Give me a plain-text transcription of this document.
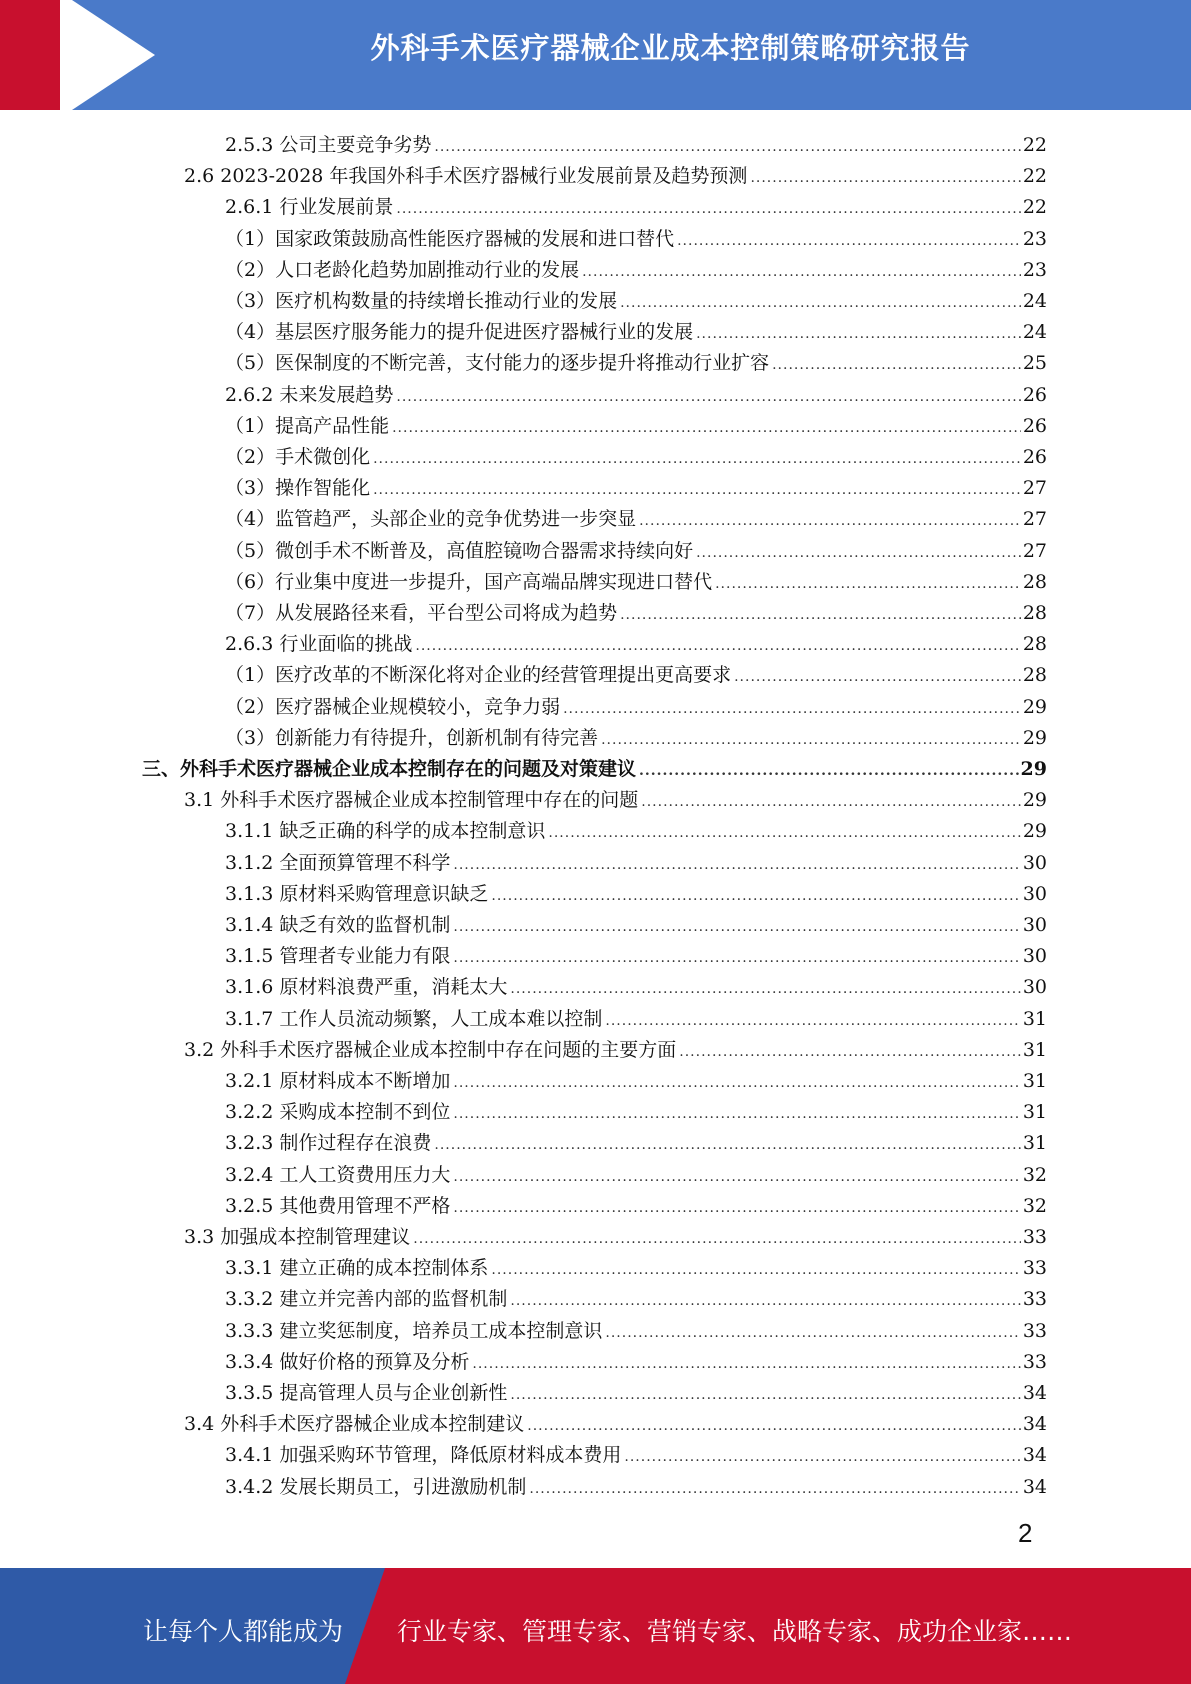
外科手术医疗器械企业成本控制策略研究报告
2.5.3 公司主要竞争劣势 .....	22
2.6 2023-2028 年我国外科手术医疗器械行业发展前景及趋势预测 .....	22
2.6.1 行业发展前景 .....	22
（1）国家政策鼓励高性能医疗器械的发展和进口替代 .....	23
（2）人口老龄化趋势加剧推动行业的发展 .....	23
（3）医疗机构数量的持续增长推动行业的发展 .....	24
（4）基层医疗服务能力的提升促进医疗器械行业的发展 .....	24
（5）医保制度的不断完善，支付能力的逐步提升将推动行业扩容 .....	25
2.6.2 未来发展趋势 .....	26
（1）提高产品性能 .....	26
（2）手术微创化 .....	26
（3）操作智能化 .....	27
（4）监管趋严，头部企业的竞争优势进一步突显 .....	27
（5）微创手术不断普及，高值腔镜吻合器需求持续向好 .....	27
（6）行业集中度进一步提升，国产高端品牌实现进口替代 .....	28
（7）从发展路径来看，平台型公司将成为趋势 .....	28
2.6.3 行业面临的挑战 .....	28
（1）医疗改革的不断深化将对企业的经营管理提出更高要求 .....	28
（2）医疗器械企业规模较小，竞争力弱 .....	29
（3）创新能力有待提升，创新机制有待完善 .....	29
三、外科手术医疗器械企业成本控制存在的问题及对策建议 .....	29
3.1 外科手术医疗器械企业成本控制管理中存在的问题 .....	29
3.1.1 缺乏正确的科学的成本控制意识 .....	29
3.1.2 全面预算管理不科学 .....	30
3.1.3 原材料采购管理意识缺乏 .....	30
3.1.4 缺乏有效的监督机制 .....	30
3.1.5 管理者专业能力有限 .....	30
3.1.6 原材料浪费严重，消耗太大 .....	30
3.1.7 工作人员流动频繁，人工成本难以控制 .....	31
3.2 外科手术医疗器械企业成本控制中存在问题的主要方面 .....	31
3.2.1 原材料成本不断增加 .....	31
3.2.2 采购成本控制不到位 .....	31
3.2.3 制作过程存在浪费 .....	31
3.2.4 工人工资费用压力大 .....	32
3.2.5 其他费用管理不严格 .....	32
3.3 加强成本控制管理建议 .....	33
3.3.1 建立正确的成本控制体系 .....	33
3.3.2 建立并完善内部的监督机制 .....	33
3.3.3 建立奖惩制度，培养员工成本控制意识 .....	33
3.3.4 做好价格的预算及分析 .....	33
3.3.5 提高管理人员与企业创新性 .....	34
3.4 外科手术医疗器械企业成本控制建议 .....	34
3.4.1 加强采购环节管理，降低原材料成本费用 .....	34
3.4.2 发展长期员工，引进激励机制 .....	34
2
让每个人都能成为 行业专家、管理专家、营销专家、战略专家、成功企业家……
